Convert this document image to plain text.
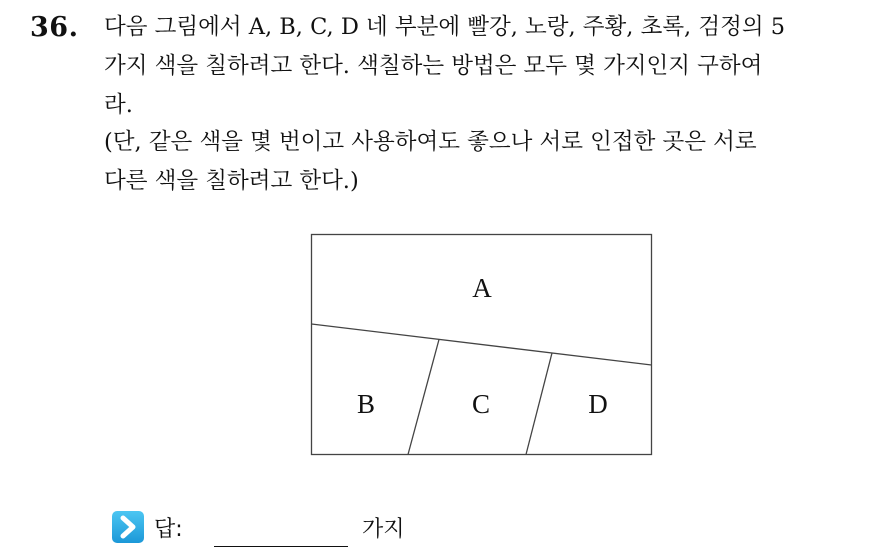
36. 다음 그림에서 A, B, C, D 네 부분에 빨강, 노랑, 주황, 초록, 검정의 5
가지 색을 칠하려고 한다. 색칠하는 방법은 모두 몇 가지인지 구하여
라.
(단, 같은 색을 몇 번이고 사용하여도 좋으나 서로 인접한 곳은 서로
다른 색을 칠하려고 한다.)
A
B	C	D
답:	가지
